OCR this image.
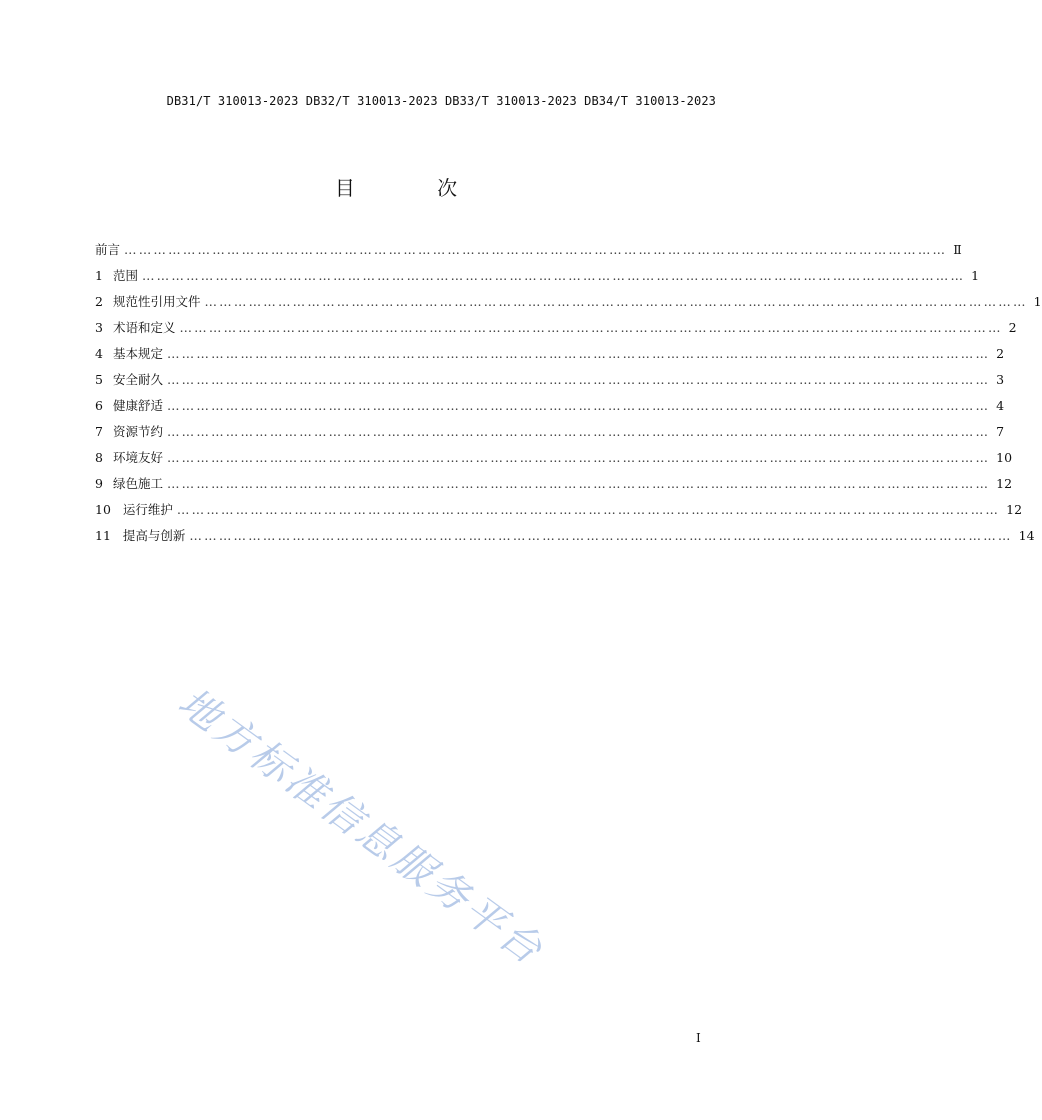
DB31/T 310013-2023 DB32/T 310013-2023 DB33/T 310013-2023 DB34/T 310013-2023
目 次
前言 …………………………………………………………………………………………………………………………………………………… Ⅱ
1 范围 …………………………………………………………………………………………………………………………………………………… 1
2 规范性引用文件 …………………………………………………………………………………………………………………………………………………… 1
3 术语和定义 …………………………………………………………………………………………………………………………………………………… 2
4 基本规定 …………………………………………………………………………………………………………………………………………………… 2
5 安全耐久 …………………………………………………………………………………………………………………………………………………… 3
6 健康舒适 …………………………………………………………………………………………………………………………………………………… 4
7 资源节约 …………………………………………………………………………………………………………………………………………………… 7
8 环境友好 …………………………………………………………………………………………………………………………………………………… 10
9 绿色施工 …………………………………………………………………………………………………………………………………………………… 12
10 运行维护 …………………………………………………………………………………………………………………………………………………… 12
11 提高与创新 …………………………………………………………………………………………………………………………………………………… 14
地方标准信息服务平台
I
